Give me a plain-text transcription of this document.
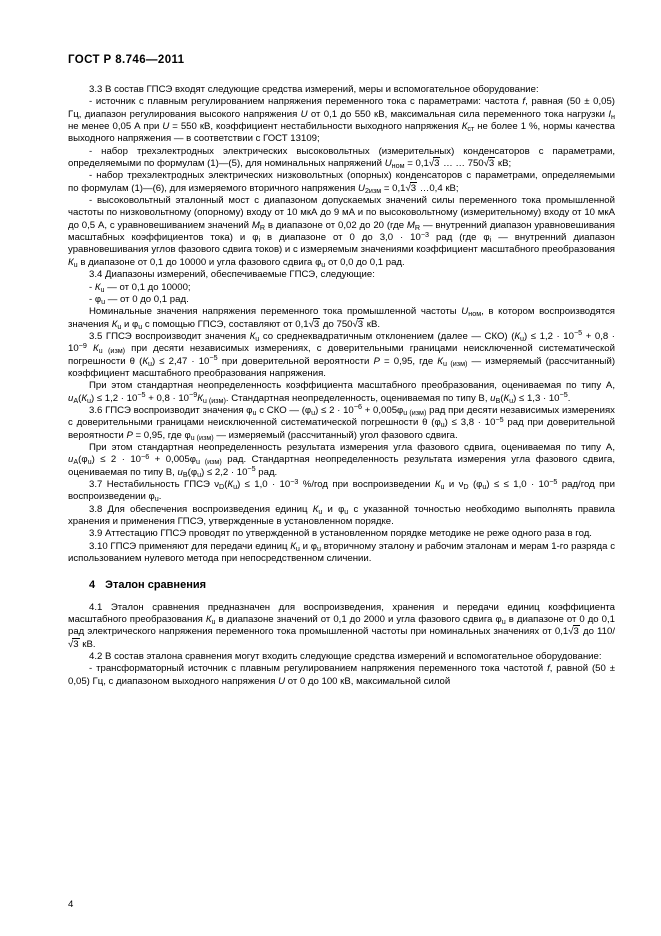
ГОСТ Р 8.746—2011

3.3 В состав ГПСЭ входят следующие средства измерений, меры и вспомогательное оборудование:

- источник с плавным регулированием напряжения переменного тока с параметрами: частота f, равная (50 ± 0,05) Гц, диапазон регулирования высокого напряжения U от 0,1 до 550 кВ, максимальная сила переменного тока нагрузки $I_н$ не менее 0,05 А при U = 550 кВ, коэффициент нестабильности выходного напряжения $К_{ст}$ не более 1 %, нормы качества выходного напряжения — в соответствии с ГОСТ 13109;

- набор трехэлектродных электрических высоковольтных (измерительных) конденсаторов с параметрами, определяемыми по формулам (1)—(5), для номинальных напряжений $U_{ном} = 0,1√3$ … … 750√3 кВ;

- набор трехэлектродных электрических низковольтных (опорных) конденсаторов с параметрами, определяемыми по формулам (1)—(6), для измеряемого вторичного напряжения $U_{2изм} = 0,1√3$ …0,4 кВ;

- высоковольтный эталонный мост с диапазоном допускаемых значений силы переменного тока промышленной частоты по низковольтному (опорному) входу от 10 мкА до 9 мА и по высоковольтному (измерительному) входу от 10 мкА до 0,5 А, с уравновешиванием значений $М_R$ в диапазоне от 0,02 до 20 (где $М_R$ — внутренний диапазон уравновешивания масштабных коэффициентов тока) и $\varphi_i$ в диапазоне от 0 до $3,0 \cdot 10^{-3}$ рад (где $\varphi_i$ — внутренний диапазон уравновешивания углов фазового сдвига токов) и с измеряемым значениями коэффициент масштабного преобразования $К_u$ в диапазоне от 0,1 до 10000 и угла фазового сдвига $\varphi_u$ от 0,0 до 0,1 рад.

3.4 Диапазоны измерений, обеспечиваемые ГПСЭ, следующие:

- $К_u$ — от 0,1 до 10000;

- $\varphi_u$ — от 0 до 0,1 рад.

Номинальные значения напряжения переменного тока промышленной частоты $U_{ном}$, в котором воспроизводятся значения $К_u$ и $\varphi_u$ с помощью ГПСЭ, составляют от 0,1√3 до 750√3 кВ.

3.5 ГПСЭ воспроизводит значения $К_u$ со среднеквадратичным отклонением (далее — СКО) $(К_u) \le 1,2 \cdot 10^{-5} + 0,8 \cdot 10^{-9}$ $К_{u (изм)}$ при десяти независимых измерениях, с доверительными границами неисключенной систематической погрешности θ $(К_u) \le 2,47 \cdot 10^{-5}$ при доверительной вероятности Р = 0,95, где $К_{u (изм)}$ — измеряемый (рассчитанный) коэффициент масштабного преобразования напряжения.

При этом стандартная неопределенность коэффициента масштабного преобразования, оцениваемая по типу А, $u_A(К_u) \le 1,2 \cdot 10^{-5} + 0,8 \cdot 10^{-9}К_{u (изм)}$. Стандартная неопределенность, оцениваемая по типу В, $u_B(К_u) \le 1,3 \cdot 10^{-5}$.

3.6 ГПСЭ воспроизводит значения $\varphi_u$ с СКО — $(\varphi_u) \le 2 \cdot 10^{-6} + 0,005\varphi_{u (изм)}$ рад при десяти независимых измерениях с доверительными границами неисключенной систематической погрешности θ $(\varphi_u) \le 3,8 \cdot 10^{-5}$ рад при доверительной вероятности Р = 0,95, где $\varphi_{u (изм)}$ — измеряемый (рассчитанный) угол фазового сдвига.

При этом стандартная неопределенность результата измерения угла фазового сдвига, оцениваемая по типу А, $u_A(\varphi_u) \le 2 \cdot 10^{-6} + 0,005\varphi_{u (изм)}$ рад. Стандартная неопределенность результата измерения угла фазового сдвига, оцениваемая по типу В, $u_B(\varphi_u) \le 2,2 \cdot 10^{-5}$ рад.

3.7 Нестабильность ГПСЭ $\nu_D(К_u) \le 1,0 \cdot 10^{-3}$ %/год при воспроизведении $К_u$ и $\nu_D$ $(\varphi_u)$ ≤ ≤ $1,0 \cdot 10^{-5}$ рад/год при воспроизведении $\varphi_u$.

3.8 Для обеспечения воспроизведения единиц $К_u$ и $\varphi_u$ с указанной точностью необходимо выполнять правила хранения и применения ГПСЭ, утвержденные в установленном порядке.

3.9 Аттестацию ГПСЭ проводят по утвержденной в установленном порядке методике не реже одного раза в год.

3.10 ГПСЭ применяют для передачи единиц $К_u$ и $\varphi_u$ вторичному эталону и рабочим эталонам и мерам 1-го разряда с использованием нулевого метода при непосредственном сличении.

4 Эталон сравнения

4.1 Эталон сравнения предназначен для воспроизведения, хранения и передачи единиц коэффициента масштабного преобразования $К_u$ в диапазоне значений от 0,1 до 2000 и угла фазового сдвига $\varphi_u$ в диапазоне от 0 до 0,1 рад электрического напряжения переменного тока промышленной частоты при номинальных значениях от 0,1√3 до 110/√3 кВ.

4.2 В состав эталона сравнения могут входить следующие средства измерений и вспомогательное оборудование:

- трансформаторный источник с плавным регулированием напряжения переменного тока частотой f, равной (50 ± 0,05) Гц, с диапазоном выходного напряжения U от 0 до 100 кВ, максимальной силой

4
